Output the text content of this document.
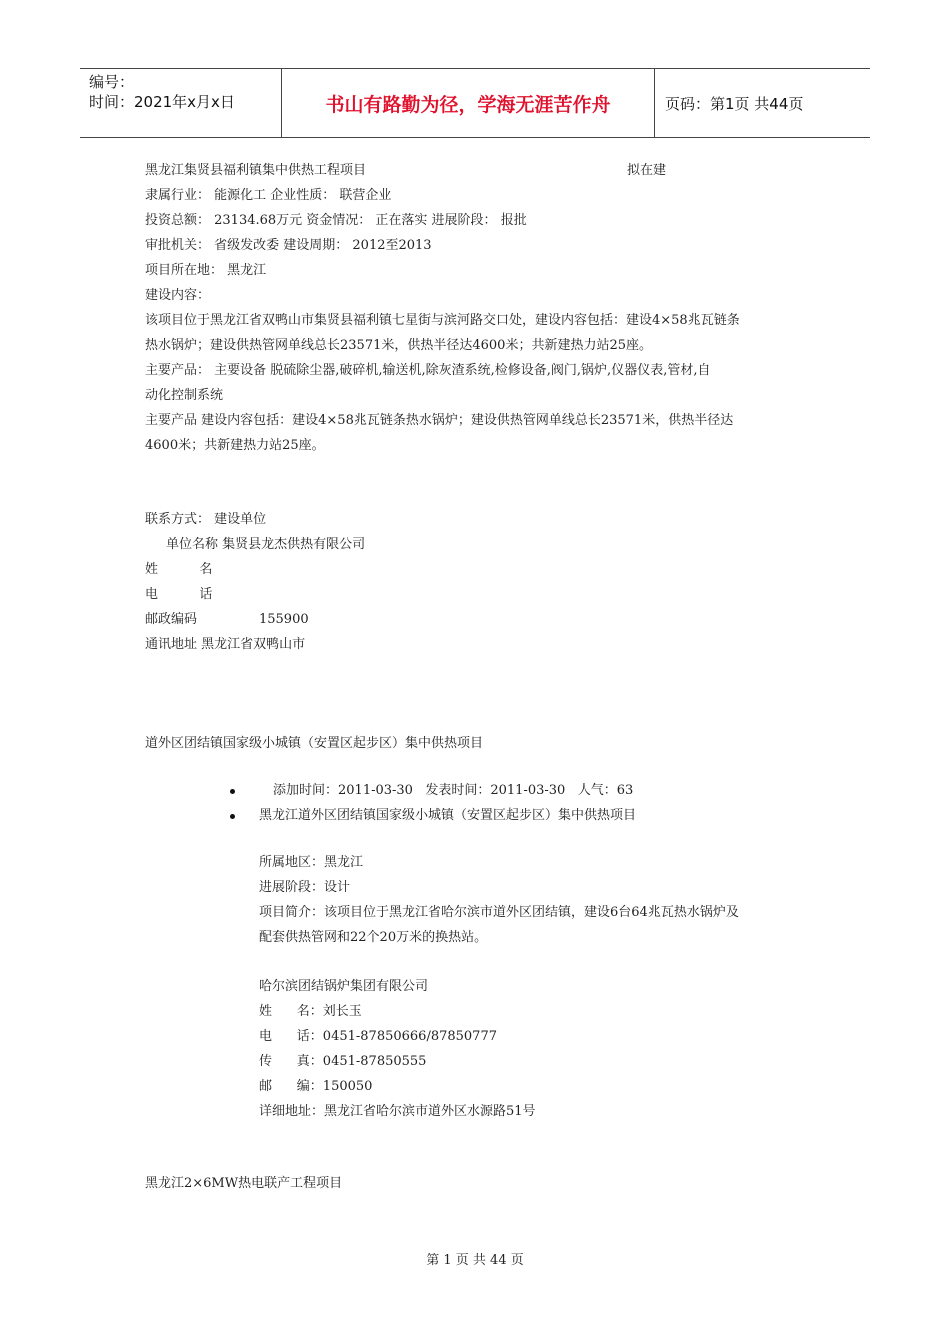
编号：
时间：2021年x月x日	书山有路勤为径，学海无涯苦作舟	页码：第1页 共44页
黑龙江集贤县福利镇集中供热工程项目	拟在建
隶属行业： 能源化工 企业性质： 联营企业
投资总额： 23134.68万元 资金情况： 正在落实 进展阶段： 报批
审批机关： 省级发改委 建设周期： 2012至2013
项目所在地： 黑龙江
建设内容：
该项目位于黑龙江省双鸭山市集贤县福利镇七星街与滨河路交口处，建设内容包括：建设4×58兆瓦链条
热水锅炉；建设供热管网单线总长23571米，供热半径达4600米；共新建热力站25座。
主要产品： 主要设备 脱硫除尘器,破碎机,输送机,除灰渣系统,检修设备,阀门,锅炉,仪器仪表,管材,自
动化控制系统
主要产品 建设内容包括：建设4×58兆瓦链条热水锅炉；建设供热管网单线总长23571米，供热半径达
4600米；共新建热力站25座。
联系方式： 建设单位
单位名称 集贤县龙杰供热有限公司
姓          名
电          话
邮政编码               155900
通讯地址 黑龙江省双鸭山市
道外区团结镇国家级小城镇（安置区起步区）集中供热项目
添加时间：2011-03-30   发表时间：2011-03-30   人气：63
黑龙江道外区团结镇国家级小城镇（安置区起步区）集中供热项目
所属地区：黑龙江
进展阶段：设计
项目简介：该项目位于黑龙江省哈尔滨市道外区团结镇，建设6台64兆瓦热水锅炉及
配套供热管网和22个20万米的换热站。
哈尔滨团结锅炉集团有限公司
姓      名：刘长玉
电      话：0451-87850666/87850777
传      真：0451-87850555
邮      编：150050
详细地址：黑龙江省哈尔滨市道外区水源路51号
黑龙江2×6MW热电联产工程项目
第 1 页 共 44 页
